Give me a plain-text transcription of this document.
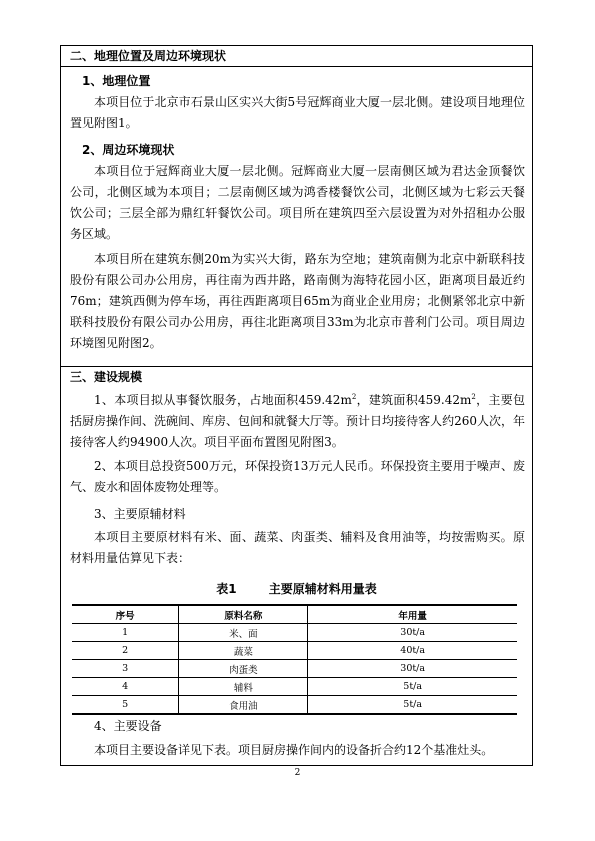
二、地理位置及周边环境现状

1、地理位置

本项目位于北京市石景山区实兴大街5号冠辉商业大厦一层北侧。建设项目地理位置见附图1。

2、周边环境现状

本项目位于冠辉商业大厦一层北侧。冠辉商业大厦一层南侧区域为君达金顶餐饮公司，北侧区域为本项目；二层南侧区域为鸿香楼餐饮公司，北侧区域为七彩云天餐饮公司；三层全部为鼎红轩餐饮公司。项目所在建筑四至六层设置为对外招租办公服务区域。

本项目所在建筑东侧20m为实兴大街，路东为空地；建筑南侧为北京中新联科技股份有限公司办公用房，再往南为西井路，路南侧为海特花园小区，距离项目最近约76m；建筑西侧为停车场，再往西距离项目65m为商业企业用房；北侧紧邻北京中新联科技股份有限公司办公用房，再往北距离项目33m为北京市普利门公司。项目周边环境图见附图2。

三、建设规模

1、本项目拟从事餐饮服务，占地面积$459.42m^2$，建筑面积$459.42m^2$，主要包括厨房操作间、洗碗间、库房、包间和就餐大厅等。预计日均接待客人约260人次，年接待客人约94900人次。项目平面布置图见附图3。

2、本项目总投资500万元，环保投资13万元人民币。环保投资主要用于噪声、废气、废水和固体废物处理等。

3、主要原辅材料

本项目主要原材料有米、面、蔬菜、肉蛋类、辅料及食用油等，均按需购买。原材料用量估算见下表：

表1	主要原辅材料用量表
序号	原料名称	年用量
1	米、面	30t/a
2	蔬菜	40t/a
3	肉蛋类	30t/a
4	辅料	5t/a
5	食用油	5t/a

4、主要设备

本项目主要设备详见下表。项目厨房操作间内的设备折合约12个基准灶头。

2
